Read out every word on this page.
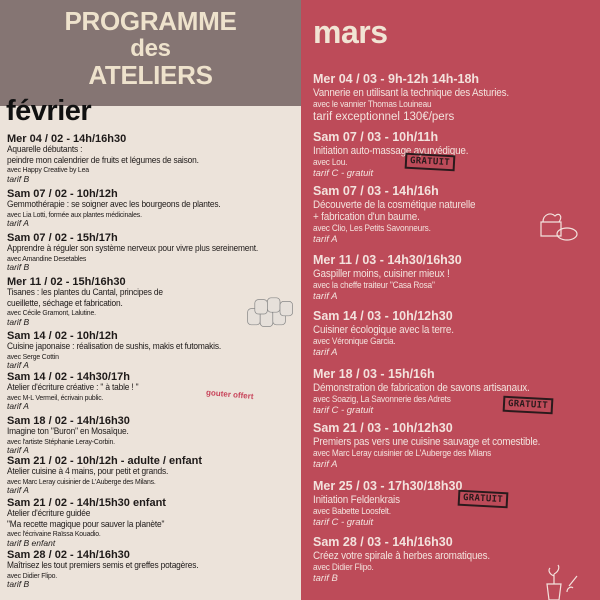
PROGRAMME
des
ATELIERS
février
Mer 04 / 02 - 14h/16h30
Aquarelle débutants :
peindre mon calendrier de fruits et légumes de saison.
avec Happy Creative by Lea
tarif B
Sam 07 / 02 - 10h/12h
Gemmothérapie : se soigner avec les bourgeons de plantes.
avec Lia Lotti, formée aux plantes médicinales.
tarif A
Sam 07 / 02 - 15h/17h
Apprendre à réguler son système nerveux pour vivre plus sereinement.
avec Amandine Desetables
tarif B
Mer 11 / 02 - 15h/16h30
Tisanes : les plantes du Cantal, principes de
cueillette, séchage et fabrication.
avec Cécile Gramont, Lalutine.
tarif B
Sam 14 / 02 - 10h/12h
Cuisine japonaise : réalisation de sushis, makis et futomakis.
avec Serge Cottin
tarif A
Sam 14 / 02 - 14h30/17h
Atelier d'écriture créative : " à table ! "
avec M-L Vermeil, écrivain public.
tarif A
Sam 18 / 02 - 14h/16h30
Imagine ton "Buron" en Mosaïque.
avec l'artiste Stéphanie Leray-Corbin.
tarif A
Sam 21 / 02 - 10h/12h - adulte / enfant
Atelier cuisine à 4 mains, pour petit et grands.
avec Marc Leray cuisinier de L'Auberge des Milans.
tarif A
Sam 21 / 02 - 14h/15h30 enfant
Atelier d'écriture guidée
"Ma recette magique pour sauver la planète"
avec l'écrivaine Raïssa Kouadio.
tarif B enfant
Sam 28 / 02 - 14h/16h30
Maîtrisez les tout premiers semis et greffes potagères.
avec Didier Flipo.
tarif B
gouter offert
mars
Mer 04 / 03 - 9h-12h 14h-18h
Vannerie en utilisant la technique des Asturies.
avec le vannier Thomas Louineau
tarif exceptionnel 130€/pers
Sam 07 / 03 - 10h/11h
Initiation auto-massage ayurvédique.
avec Lou.
tarif C - gratuit
GRATUIT
Sam 07 / 03 - 14h/16h
Découverte de la cosmétique naturelle
+ fabrication d'un baume.
avec Clio, Les Petits Savonneurs.
tarif A
Mer 11 / 03 - 14h30/16h30
Gaspiller moins, cuisiner mieux !
avec la cheffe traiteur "Casa Rosa"
tarif A
Sam 14 / 03 - 10h/12h30
Cuisiner écologique avec la terre.
avec Véronique Garcia.
tarif A
Mer 18 / 03 - 15h/16h
Démonstration de fabrication de savons artisanaux.
avec Soazig, La Savonnerie des Adrets
tarif C - gratuit	GRATUIT
Sam 21 / 03 - 10h/12h30
Premiers pas vers une cuisine sauvage et comestible.
avec Marc Leray cuisinier de L'Auberge des Milans
tarif A
Mer 25 / 03 - 17h30/18h30
Initiation Feldenkrais
avec Babette Loosfelt.
tarif C - gratuit
GRATUIT
Sam 28 / 03 - 14h/16h30
Créez votre spirale à herbes aromatiques.
avec Didier Flipo.
tarif B
